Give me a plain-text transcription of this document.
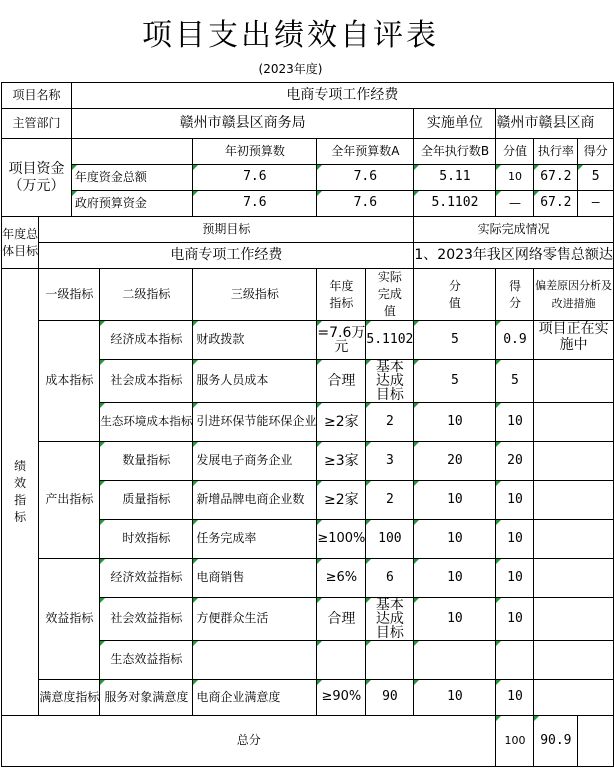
项目支出绩效自评表
(2023年度)
项目名称		电商专项工作经费								
主管部门		赣州市赣县区商务局					实施单位	赣州市赣县区商		
项目资金
（万元）				年初预算数	全年预算数A		全年执行数B	分值	执行率	得分
		年度资金总额		7.6	7.6		5.11	10	67.2	5
		政府预算资金		7.6	7.6		5.1102	—	67.2	—
年度总体目标	预期目标						实际完成情况			
	电商专项工作经费						1、2023年我区网络零售总额达			
绩效指标	一级指标		二级指标	三级指标	年度指标	实际完成值	分值	得分	偏差原因分析及改进措施	
	成本指标		经济成本指标	财政拨款	=7.6万元	5.1102	5	0.9	项目正在实施中	
			社会成本指标	服务人员成本	合理	基本达成目标	5	5		
			生态环境成本指标	引进环保节能环保企业	≥2家	2	10	10		
	产出指标		数量指标	发展电子商务企业	≥3家	3	20	20		
			质量指标	新增品牌电商企业数	≥2家	2	10	10		
			时效指标	任务完成率	≥100%	100	10	10		
	效益指标		经济效益指标	电商销售	≥6%	6	10	10		
			社会效益指标	方便群众生活	合理	基本达成目标	10	10		
			生态效益指标							
	满意度指标		服务对象满意度	电商企业满意度	≥90%	90	10	10		
总分								100	90.9	
